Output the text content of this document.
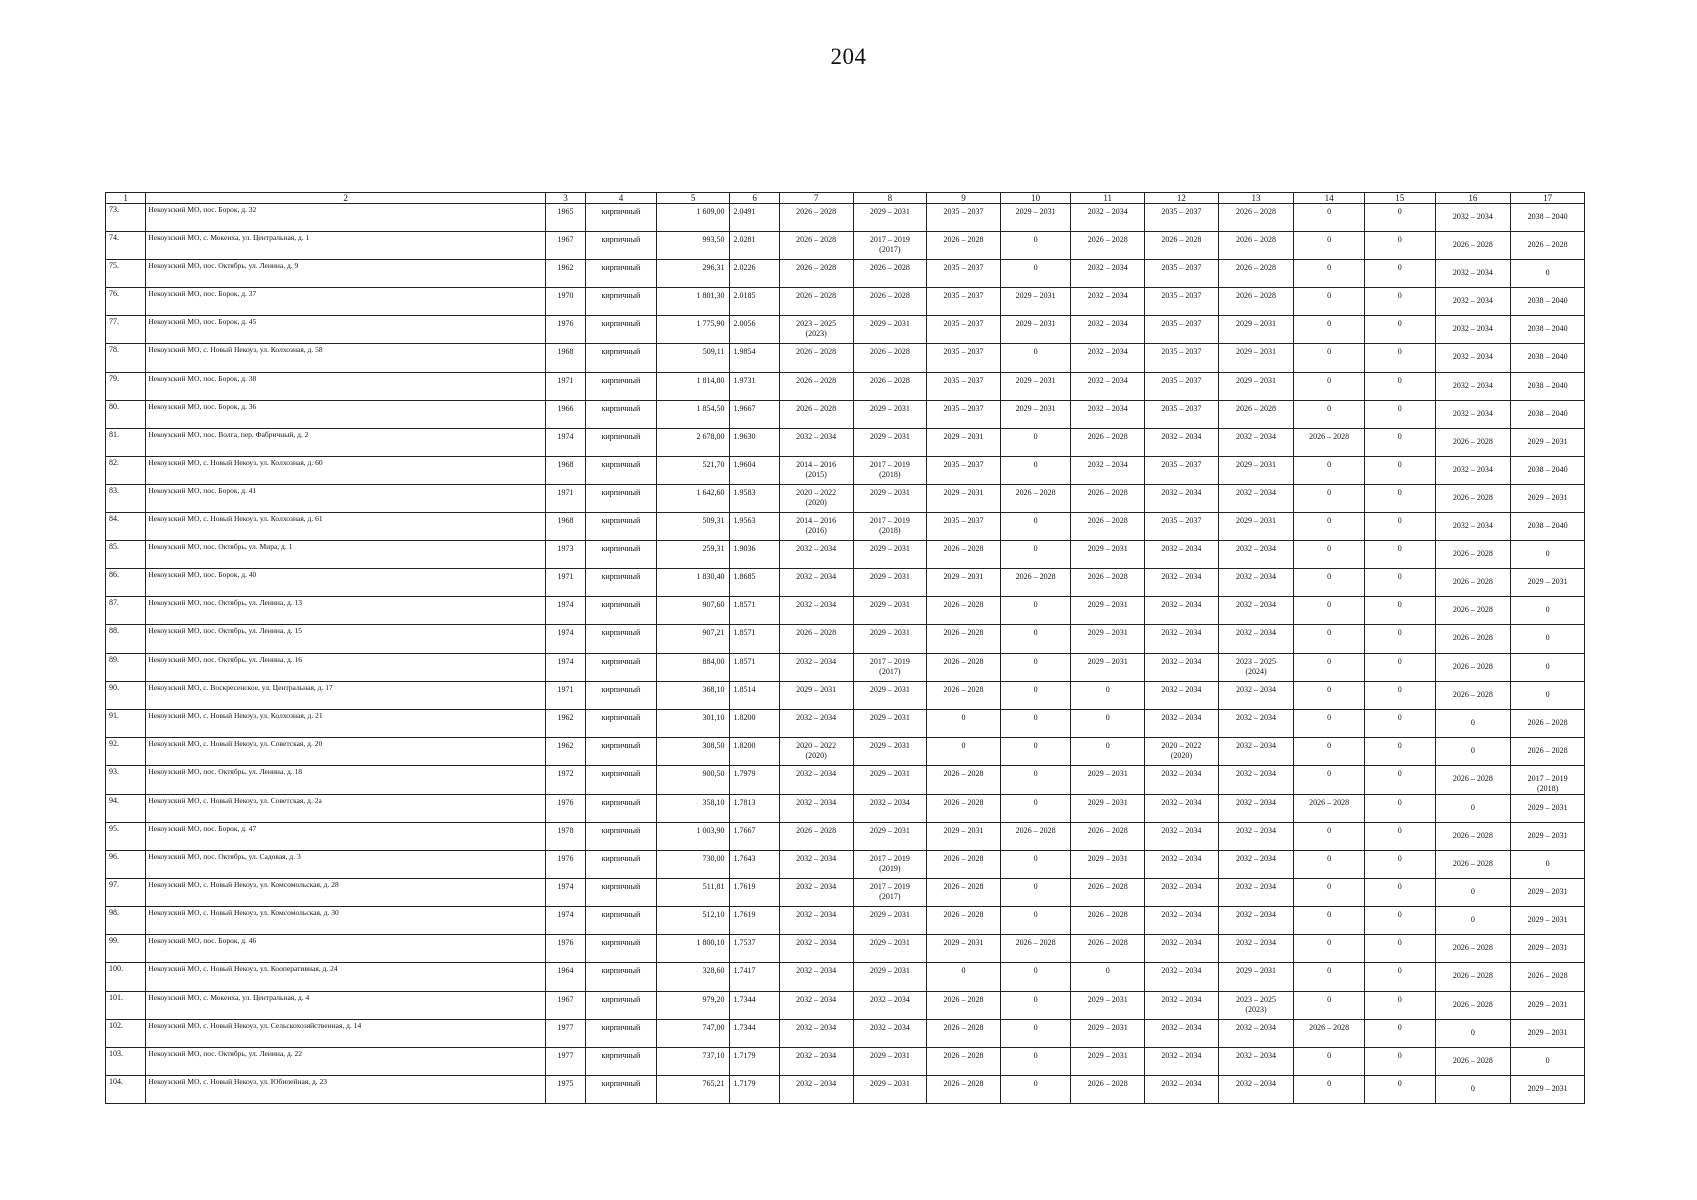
204
1	2	3	4	5	6	7	8	9	10	11	12	13	14	15	16	17
73.	Некоузский МО, пос. Борок, д. 32	1965	кирпичный	1 609,00	2.0491	2026 – 2028	2029 – 2031	2035 – 2037	2029 – 2031	2032 – 2034	2035 – 2037	2026 – 2028	0	0	2032 – 2034	2038 – 2040
74.	Некоузский МО, с. Мокеиха, ул. Центральная, д. 1	1967	кирпичный	993,50	2.0281	2026 – 2028	2017 – 2019
(2017)	2026 – 2028	0	2026 – 2028	2026 – 2028	2026 – 2028	0	0	2026 – 2028	2026 – 2028
75.	Некоузский МО, пос. Октябрь, ул. Ленина, д. 9	1962	кирпичный	296,31	2.0226	2026 – 2028	2026 – 2028	2035 – 2037	0	2032 – 2034	2035 – 2037	2026 – 2028	0	0	2032 – 2034	0
76.	Некоузский МО, пос. Борок, д. 37	1970	кирпичный	1 801,30	2.0185	2026 – 2028	2026 – 2028	2035 – 2037	2029 – 2031	2032 – 2034	2035 – 2037	2026 – 2028	0	0	2032 – 2034	2038 – 2040
77.	Некоузский МО, пос. Борок, д. 45	1976	кирпичный	1 775,90	2.0056	2023 – 2025
(2023)	2029 – 2031	2035 – 2037	2029 – 2031	2032 – 2034	2035 – 2037	2029 – 2031	0	0	2032 – 2034	2038 – 2040
78.	Некоузский МО, с. Новый Некоуз, ул. Колхозная, д. 58	1968	кирпичный	509,11	1.9854	2026 – 2028	2026 – 2028	2035 – 2037	0	2032 – 2034	2035 – 2037	2029 – 2031	0	0	2032 – 2034	2038 – 2040
79.	Некоузский МО, пос. Борок, д. 38	1971	кирпичный	1 814,80	1.9731	2026 – 2028	2026 – 2028	2035 – 2037	2029 – 2031	2032 – 2034	2035 – 2037	2029 – 2031	0	0	2032 – 2034	2038 – 2040
80.	Некоузский МО, пос. Борок, д. 36	1966	кирпичный	1 854,50	1.9667	2026 – 2028	2029 – 2031	2035 – 2037	2029 – 2031	2032 – 2034	2035 – 2037	2026 – 2028	0	0	2032 – 2034	2038 – 2040
81.	Некоузский МО, пос. Волга, пер. Фабричный, д. 2	1974	кирпичный	2 678,00	1.9630	2032 – 2034	2029 – 2031	2029 – 2031	0	2026 – 2028	2032 – 2034	2032 – 2034	2026 – 2028	0	2026 – 2028	2029 – 2031
82.	Некоузский МО, с. Новый Некоуз, ул. Колхозная, д. 60	1968	кирпичный	521,70	1.9604	2014 – 2016
(2015)	2017 – 2019
(2018)	2035 – 2037	0	2032 – 2034	2035 – 2037	2029 – 2031	0	0	2032 – 2034	2038 – 2040
83.	Некоузский МО, пос. Борок, д. 41	1971	кирпичный	1 642,60	1.9583	2020 – 2022
(2020)	2029 – 2031	2029 – 2031	2026 – 2028	2026 – 2028	2032 – 2034	2032 – 2034	0	0	2026 – 2028	2029 – 2031
84.	Некоузский МО, с. Новый Некоуз, ул. Колхозная, д. 61	1968	кирпичный	509,31	1.9563	2014 – 2016
(2016)	2017 – 2019
(2018)	2035 – 2037	0	2026 – 2028	2035 – 2037	2029 – 2031	0	0	2032 – 2034	2038 – 2040
85.	Некоузский МО, пос. Октябрь, ул. Мира, д. 1	1973	кирпичный	259,31	1.9036	2032 – 2034	2029 – 2031	2026 – 2028	0	2029 – 2031	2032 – 2034	2032 – 2034	0	0	2026 – 2028	0
86.	Некоузский МО, пос. Борок, д. 40	1971	кирпичный	1 830,40	1.8685	2032 – 2034	2029 – 2031	2029 – 2031	2026 – 2028	2026 – 2028	2032 – 2034	2032 – 2034	0	0	2026 – 2028	2029 – 2031
87.	Некоузский МО, пос. Октябрь, ул. Ленина, д. 13	1974	кирпичный	907,60	1.8571	2032 – 2034	2029 – 2031	2026 – 2028	0	2029 – 2031	2032 – 2034	2032 – 2034	0	0	2026 – 2028	0
88.	Некоузский МО, пос. Октябрь, ул. Ленина, д. 15	1974	кирпичный	907,21	1.8571	2026 – 2028	2029 – 2031	2026 – 2028	0	2029 – 2031	2032 – 2034	2032 – 2034	0	0	2026 – 2028	0
89.	Некоузский МО, пос. Октябрь, ул. Ленина, д. 16	1974	кирпичный	884,00	1.8571	2032 – 2034	2017 – 2019
(2017)	2026 – 2028	0	2029 – 2031	2032 – 2034	2023 – 2025
(2024)	0	0	2026 – 2028	0
90.	Некоузский МО, с. Воскресенское, ул. Центральная, д. 17	1971	кирпичный	368,10	1.8514	2029 – 2031	2029 – 2031	2026 – 2028	0	0	2032 – 2034	2032 – 2034	0	0	2026 – 2028	0
91.	Некоузский МО, с. Новый Некоуз, ул. Колхозная, д. 21	1962	кирпичный	301,10	1.8200	2032 – 2034	2029 – 2031	0	0	0	2032 – 2034	2032 – 2034	0	0	0	2026 – 2028
92.	Некоузский МО, с. Новый Некоуз, ул. Советская, д. 20	1962	кирпичный	308,50	1.8200	2020 – 2022
(2020)	2029 – 2031	0	0	0	2020 – 2022
(2020)	2032 – 2034	0	0	0	2026 – 2028
93.	Некоузский МО, пос. Октябрь, ул. Ленина, д. 18	1972	кирпичный	900,50	1.7979	2032 – 2034	2029 – 2031	2026 – 2028	0	2029 – 2031	2032 – 2034	2032 – 2034	0	0	2026 – 2028	2017 – 2019
(2018)
94.	Некоузский МО, с. Новый Некоуз, ул. Советская, д. 2а	1976	кирпичный	358,10	1.7813	2032 – 2034	2032 – 2034	2026 – 2028	0	2029 – 2031	2032 – 2034	2032 – 2034	2026 – 2028	0	0	2029 – 2031
95.	Некоузский МО, пос. Борок, д. 47	1978	кирпичный	1 003,90	1.7667	2026 – 2028	2029 – 2031	2029 – 2031	2026 – 2028	2026 – 2028	2032 – 2034	2032 – 2034	0	0	2026 – 2028	2029 – 2031
96.	Некоузский МО, пос. Октябрь, ул. Садовая, д. 3	1976	кирпичный	730,00	1.7643	2032 – 2034	2017 – 2019
(2019)	2026 – 2028	0	2029 – 2031	2032 – 2034	2032 – 2034	0	0	2026 – 2028	0
97.	Некоузский МО, с. Новый Некоуз, ул. Комсомольская, д. 28	1974	кирпичный	511,81	1.7619	2032 – 2034	2017 – 2019
(2017)	2026 – 2028	0	2026 – 2028	2032 – 2034	2032 – 2034	0	0	0	2029 – 2031
98.	Некоузский МО, с. Новый Некоуз, ул. Комсомольская, д. 30	1974	кирпичный	512,10	1.7619	2032 – 2034	2029 – 2031	2026 – 2028	0	2026 – 2028	2032 – 2034	2032 – 2034	0	0	0	2029 – 2031
99.	Некоузский МО, пос. Борок, д. 46	1976	кирпичный	1 800,10	1.7537	2032 – 2034	2029 – 2031	2029 – 2031	2026 – 2028	2026 – 2028	2032 – 2034	2032 – 2034	0	0	2026 – 2028	2029 – 2031
100.	Некоузский МО, с. Новый Некоуз, ул. Кооперативная, д. 24	1964	кирпичный	328,60	1.7417	2032 – 2034	2029 – 2031	0	0	0	2032 – 2034	2029 – 2031	0	0	2026 – 2028	2026 – 2028
101.	Некоузский МО, с. Мокеиха, ул. Центральная, д. 4	1967	кирпичный	979,20	1.7344	2032 – 2034	2032 – 2034	2026 – 2028	0	2029 – 2031	2032 – 2034	2023 – 2025
(2023)	0	0	2026 – 2028	2029 – 2031
102.	Некоузский МО, с. Новый Некоуз, ул. Сельскохозяйственная, д. 14	1977	кирпичный	747,00	1.7344	2032 – 2034	2032 – 2034	2026 – 2028	0	2029 – 2031	2032 – 2034	2032 – 2034	2026 – 2028	0	0	2029 – 2031
103.	Некоузский МО, пос. Октябрь, ул. Ленина, д. 22	1977	кирпичный	737,10	1.7179	2032 – 2034	2029 – 2031	2026 – 2028	0	2029 – 2031	2032 – 2034	2032 – 2034	0	0	2026 – 2028	0
104.	Некоузский МО, с. Новый Некоуз, ул. Юбилейная, д. 23	1975	кирпичный	765,21	1.7179	2032 – 2034	2029 – 2031	2026 – 2028	0	2026 – 2028	2032 – 2034	2032 – 2034	0	0	0	2029 – 2031
